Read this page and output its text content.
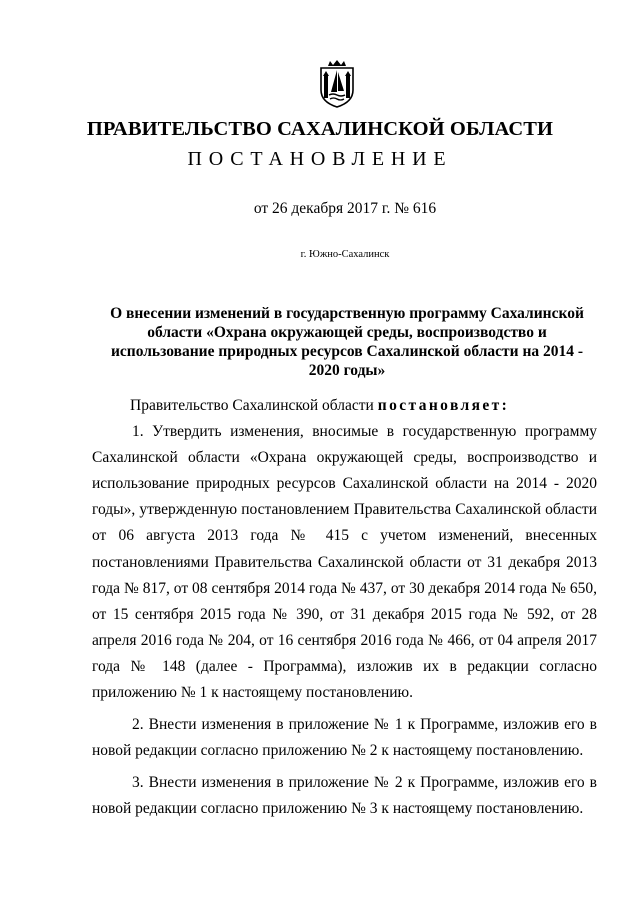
ПРАВИТЕЛЬСТВО САХАЛИНСКОЙ ОБЛАСТИ
ПОСТАНОВЛЕНИЕ
от 26 декабря 2017 г. № 616
г. Южно-Сахалинск
О внесении изменений в государственную программу Сахалинской области «Охрана окружающей среды, воспроизводство и использование природных ресурсов Сахалинской области на 2014 - 2020 годы»

Правительство Сахалинской области постановляет:

1. Утвердить изменения, вносимые в государственную программу Сахалинской области «Охрана окружающей среды, воспроизводство и использование природных ресурсов Сахалинской области на 2014 - 2020 годы», утвержденную постановлением Правительства Сахалинской области от 06 августа 2013 года № 415 с учетом изменений, внесенных постановлениями Правительства Сахалинской области от 31 декабря 2013 года № 817, от 08 сентября 2014 года № 437, от 30 декабря 2014 года № 650, от 15 сентября 2015 года № 390, от 31 декабря 2015 года № 592, от 28 апреля 2016 года № 204, от 16 сентября 2016 года № 466, от 04 апреля 2017 года № 148 (далее - Программа), изложив их в редакции согласно приложению № 1 к настоящему постановлению.

2. Внести изменения в приложение № 1 к Программе, изложив его в новой редакции согласно приложению № 2 к настоящему постановлению.

3. Внести изменения в приложение № 2 к Программе, изложив его в новой редакции согласно приложению № 3 к настоящему постановлению.
